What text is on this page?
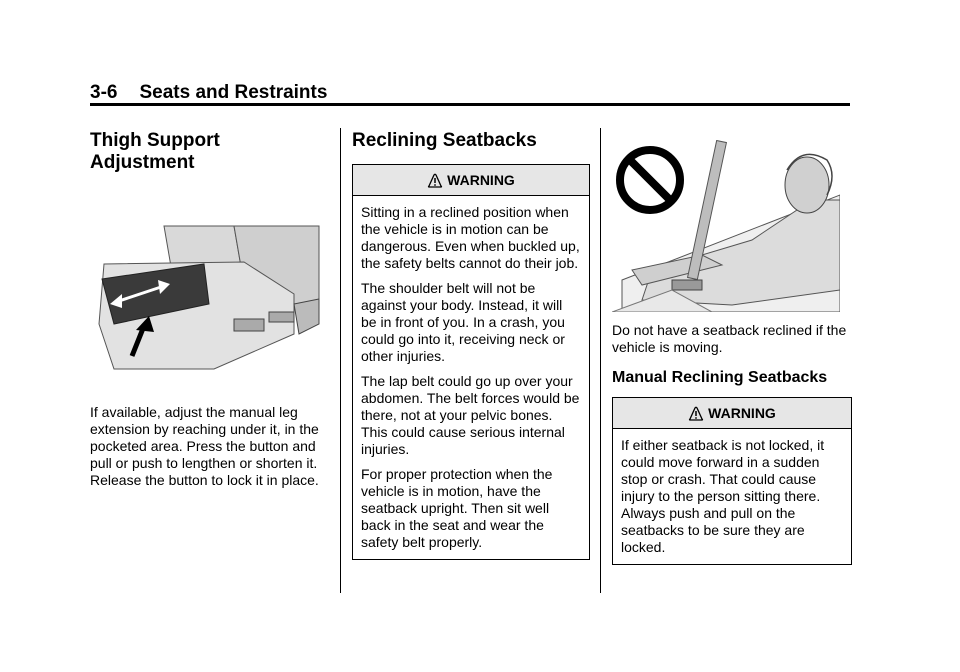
3-6 Seats and Restraints
Thigh Support
Adjustment

If available, adjust the manual leg extension by reaching under it, in the pocketed area. Press the button and pull or push to lengthen or shorten it. Release the button to lock it in place.

Reclining Seatbacks
WARNING

Sitting in a reclined position when the vehicle is in motion can be dangerous. Even when buckled up, the safety belts cannot do their job.

The shoulder belt will not be against your body. Instead, it will be in front of you. In a crash, you could go into it, receiving neck or other injuries.

The lap belt could go up over your abdomen. The belt forces would be there, not at your pelvic bones. This could cause serious internal injuries.

For proper protection when the vehicle is in motion, have the seatback upright. Then sit well back in the seat and wear the safety belt properly.

Do not have a seatback reclined if the vehicle is moving.

Manual Reclining Seatbacks
WARNING

If either seatback is not locked, it could move forward in a sudden stop or crash. That could cause injury to the person sitting there. Always push and pull on the seatbacks to be sure they are locked.
